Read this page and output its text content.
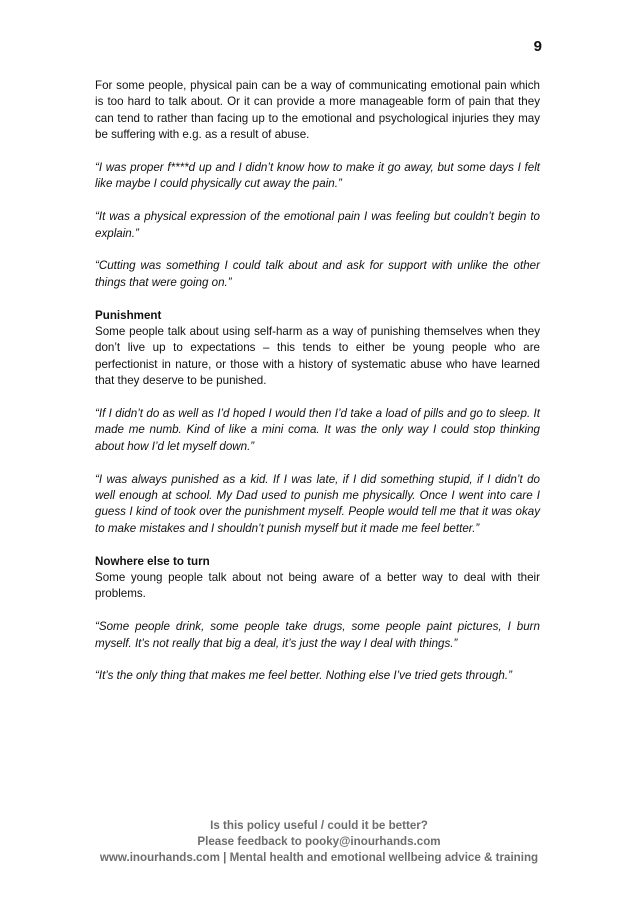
9

For some people, physical pain can be a way of communicating emotional pain which is too hard to talk about. Or it can provide a more manageable form of pain that they can tend to rather than facing up to the emotional and psychological injuries they may be suffering with e.g. as a result of abuse.

“I was proper f****d up and I didn’t know how to make it go away, but some days I felt like maybe I could physically cut away the pain.”

“It was a physical expression of the emotional pain I was feeling but couldn’t begin to explain.”

“Cutting was something I could talk about and ask for support with unlike the other things that were going on.”

Punishment

Some people talk about using self-harm as a way of punishing themselves when they don’t live up to expectations – this tends to either be young people who are perfectionist in nature, or those with a history of systematic abuse who have learned that they deserve to be punished.

“If I didn’t do as well as I’d hoped I would then I’d take a load of pills and go to sleep. It made me numb. Kind of like a mini coma. It was the only way I could stop thinking about how I’d let myself down.”

“I was always punished as a kid. If I was late, if I did something stupid, if I didn’t do well enough at school. My Dad used to punish me physically. Once I went into care I guess I kind of took over the punishment myself. People would tell me that it was okay to make mistakes and I shouldn’t punish myself but it made me feel better.”

Nowhere else to turn

Some young people talk about not being aware of a better way to deal with their problems.

“Some people drink, some people take drugs, some people paint pictures, I burn myself. It’s not really that big a deal, it’s just the way I deal with things.”

“It’s the only thing that makes me feel better. Nothing else I’ve tried gets through.”

Is this policy useful / could it be better?
Please feedback to pooky@inourhands.com
www.inourhands.com | Mental health and emotional wellbeing advice & training
